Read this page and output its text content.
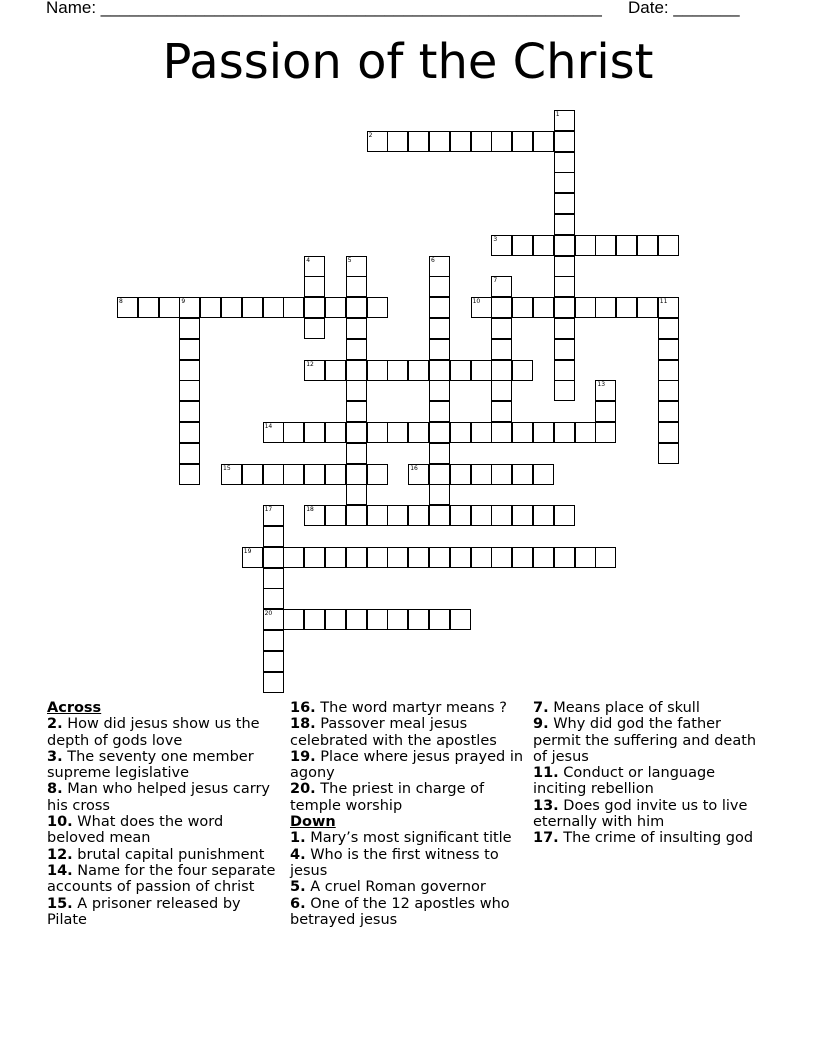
Name: _____________________________________________________ Date: _______
Passion of the Christ
1
2
3
4	5	6
7
8	9	10	11
12
13
14
15	16
17
20
18
19
Across

2. How did jesus show us the depth of gods love

3. The seventy one member supreme legislative

8. Man who helped jesus carry his cross

10. What does the word beloved mean

12. brutal capital punishment

14. Name for the four separate accounts of passion of christ

15. A prisoner released by Pilate

16. The word martyr means ?

18. Passover meal jesus celebrated with the apostles

19. Place where jesus prayed in agony

20. The priest in charge of temple worship

Down

1. Mary’s most significant title

4. Who is the first witness to jesus

5. A cruel Roman governor

6. One of the 12 apostles who betrayed jesus

7. Means place of skull

9. Why did god the father permit the suffering and death of jesus

11. Conduct or language inciting rebellion

13. Does god invite us to live eternally with him

17. The crime of insulting god
